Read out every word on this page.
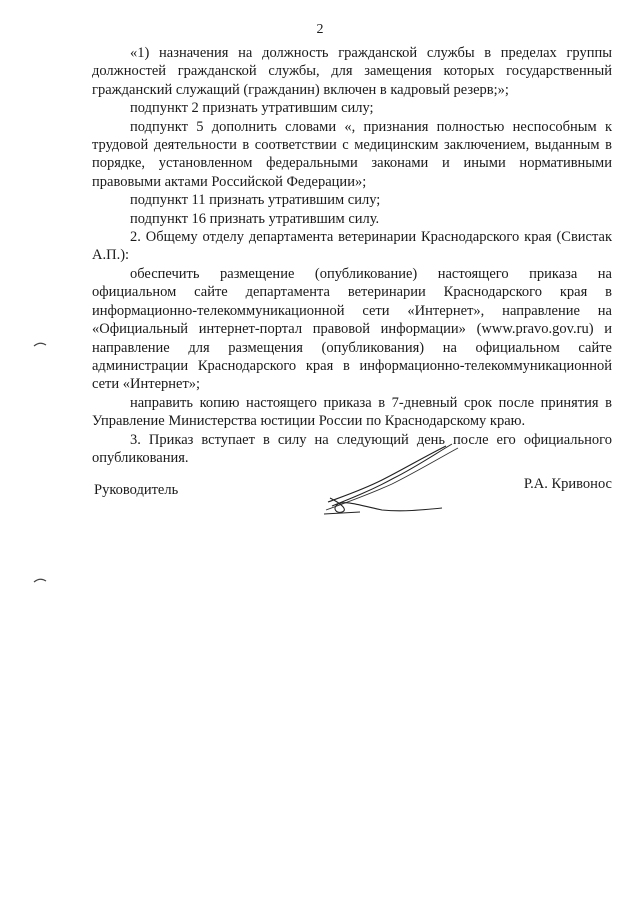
2

«1) назначения на должность гражданской службы в пределах группы должностей гражданской службы, для замещения которых государственный гражданский служащий (гражданин) включен в кадровый резерв;»;

подпункт 2 признать утратившим силу;

подпункт 5 дополнить словами «, признания полностью неспособным к трудовой деятельности в соответствии с медицинским заключением, выданным в порядке, установленном федеральными законами и иными нормативными правовыми актами Российской Федерации»;

подпункт 11 признать утратившим силу;

подпункт 16 признать утратившим силу.

2. Общему отделу департамента ветеринарии Краснодарского края (Свистак А.П.):

обеспечить размещение (опубликование) настоящего приказа на официальном сайте департамента ветеринарии Краснодарского края в информационно-телекоммуникационной сети «Интернет», направление на «Официальный интернет-портал правовой информации» (www.pravo.gov.ru) и направление для размещения (опубликования) на официальном сайте администрации Краснодарского края в информационно-телекоммуникационной сети «Интернет»;

направить копию настоящего приказа в 7-дневный срок после принятия в Управление Министерства юстиции России по Краснодарскому краю.

3. Приказ вступает в силу на следующий день после его официального опубликования.

Руководитель	Р.А. Кривонос
